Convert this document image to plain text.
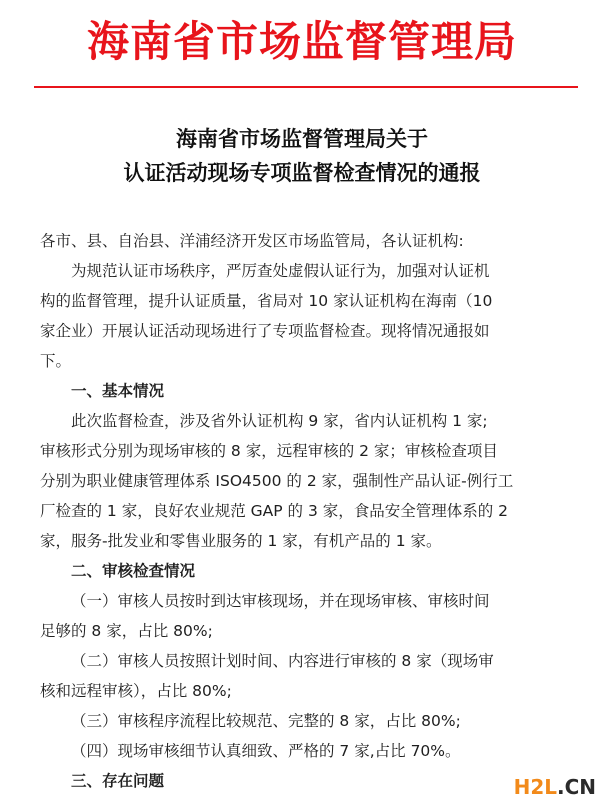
海南省市场监督管理局
海南省市场监督管理局关于
认证活动现场专项监督检查情况的通报
各市、县、自治县、洋浦经济开发区市场监管局，各认证机构:
为规范认证市场秩序，严厉查处虚假认证行为，加强对认证机
构的监督管理，提升认证质量，省局对 10 家认证机构在海南（10
家企业）开展认证活动现场进行了专项监督检查。现将情况通报如
下。
一、基本情况
此次监督检查，涉及省外认证机构 9 家，省内认证机构 1 家;
审核形式分别为现场审核的 8 家，远程审核的 2 家；审核检查项目
分别为职业健康管理体系 ISO4500 的 2 家，强制性产品认证-例行工
厂检查的 1 家，良好农业规范 GAP 的 3 家，食品安全管理体系的 2
家，服务-批发业和零售业服务的 1 家，有机产品的 1 家。
二、审核检查情况
（一）审核人员按时到达审核现场，并在现场审核、审核时间
足够的 8 家，占比 80%;
（二）审核人员按照计划时间、内容进行审核的 8 家（现场审
核和远程审核），占比 80%;
（三）审核程序流程比较规范、完整的 8 家，占比 80%;
（四）现场审核细节认真细致、严格的 7 家,占比 70%。
三、存在问题	H2L.CN
